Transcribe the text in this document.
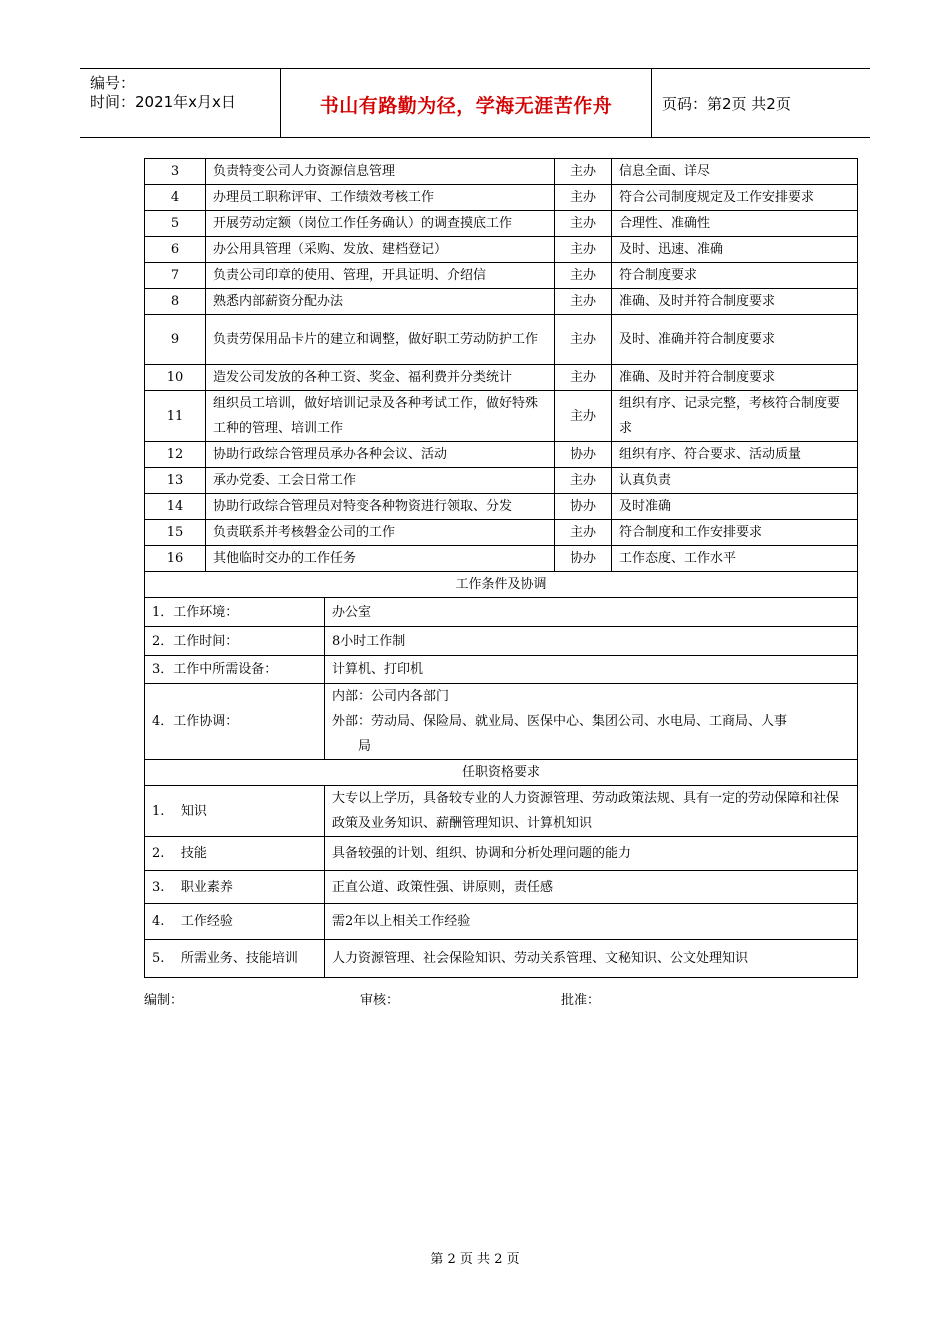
编号：
时间：2021年x月x日	书山有路勤为径，学海无涯苦作舟	页码：第2页 共2页
3	负责特变公司人力资源信息管理		主办	信息全面、详尽
4	办理员工职称评审、工作绩效考核工作		主办	符合公司制度规定及工作安排要求
5	开展劳动定额（岗位工作任务确认）的调查摸底工作		主办	合理性、准确性
6	办公用具管理（采购、发放、建档登记）		主办	及时、迅速、准确
7	负责公司印章的使用、管理，开具证明、介绍信		主办	符合制度要求
8	熟悉内部薪资分配办法		主办	准确、及时并符合制度要求
9	负责劳保用品卡片的建立和调整，做好职工劳动防护工作		主办	及时、准确并符合制度要求
10	造发公司发放的各种工资、奖金、福利费并分类统计		主办	准确、及时并符合制度要求
11	组织员工培训，做好培训记录及各种考试工作，做好特殊工种的管理、培训工作		主办	组织有序、记录完整，考核符合制度要求
12	协助行政综合管理员承办各种会议、活动		协办	组织有序、符合要求、活动质量
13	承办党委、工会日常工作		主办	认真负责
14	协助行政综合管理员对特变各种物资进行领取、分发		协办	及时准确
15	负责联系并考核磐金公司的工作		主办	符合制度和工作安排要求
16	其他临时交办的工作任务		协办	工作态度、工作水平
工作条件及协调				
1．工作环境：		办公室		
2．工作时间：		8小时工作制		
3．工作中所需设备：		计算机、打印机		
4．工作协调：		内部：公司内各部门
外部：劳动局、保险局、就业局、医保中心、集团公司、水电局、工商局、人事
局		

任职资格要求				
1.    知识		大专以上学历，具备较专业的人力资源管理、劳动政策法规、具有一定的劳动保障和社保政策及业务知识、薪酬管理知识、计算机知识		
2.    技能		具备较强的计划、组织、协调和分析处理问题的能力		
3.    职业素养		正直公道、政策性强、讲原则，责任感		
4.    工作经验		需2年以上相关工作经验		
5.    所需业务、技能培训		人力资源管理、社会保险知识、劳动关系管理、文秘知识、公文处理知识		
编制：	审核：	批准：
第 2 页 共 2 页
